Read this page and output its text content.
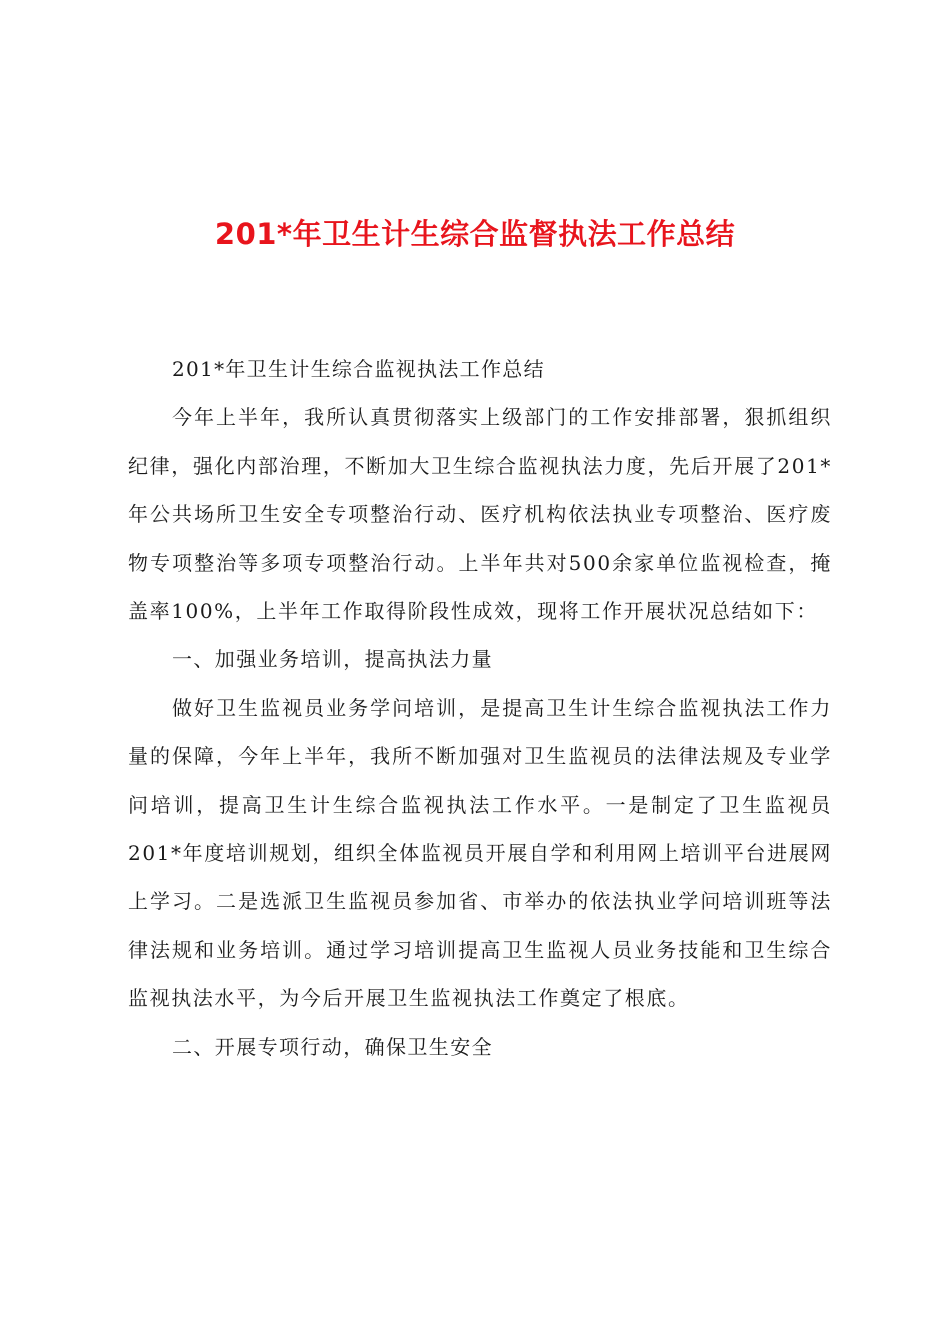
201*年卫生计生综合监督执法工作总结

201*年卫生计生综合监视执法工作总结

今年上半年，我所认真贯彻落实上级部门的工作安排部署，狠抓组织纪律，强化内部治理，不断加大卫生综合监视执法力度，先后开展了201*年公共场所卫生安全专项整治行动、医疗机构依法执业专项整治、医疗废物专项整治等多项专项整治行动。上半年共对500余家单位监视检查，掩盖率100%，上半年工作取得阶段性成效，现将工作开展状况总结如下：

一、加强业务培训，提高执法力量

做好卫生监视员业务学问培训，是提高卫生计生综合监视执法工作力量的保障，今年上半年，我所不断加强对卫生监视员的法律法规及专业学问培训，提高卫生计生综合监视执法工作水平。一是制定了卫生监视员201*年度培训规划，组织全体监视员开展自学和利用网上培训平台进展网上学习。二是选派卫生监视员参加省、市举办的依法执业学问培训班等法律法规和业务培训。通过学习培训提高卫生监视人员业务技能和卫生综合监视执法水平，为今后开展卫生监视执法工作奠定了根底。

二、开展专项行动，确保卫生安全
